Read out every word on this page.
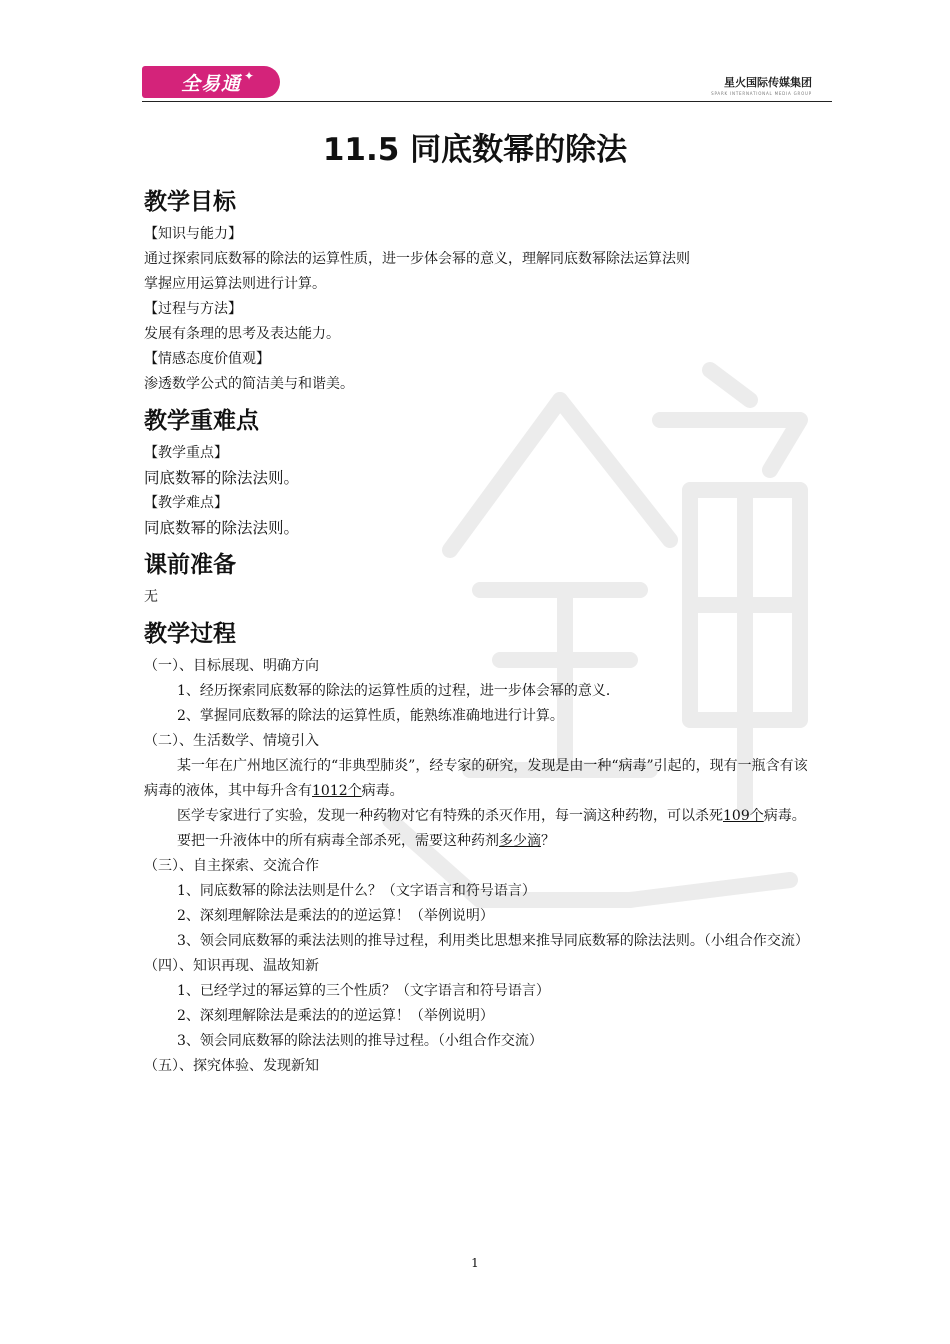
全易通 ✦	星火国际传媒集团
SPARK INTERNATIONAL MEDIA GROUP
11.5 同底数幂的除法
教学目标

【知识与能力】

通过探索同底数幂的除法的运算性质，进一步体会幂的意义，理解同底数幂除法运算法则

掌握应用运算法则进行计算。

【过程与方法】

发展有条理的思考及表达能力。

【情感态度价值观】

渗透数学公式的简洁美与和谐美。

教学重难点

【教学重点】

同底数幂的除法法则。

【教学难点】

同底数幂的除法法则。

课前准备

无

教学过程

（一）、目标展现、明确方向

1、经历探索同底数幂的除法的运算性质的过程，进一步体会幂的意义．

2、掌握同底数幂的除法的运算性质，能熟练准确地进行计算。

（二）、生活数学、情境引入

某一年在广州地区流行的“非典型肺炎”，经专家的研究，发现是由一种“病毒”引起的，现有一瓶含有该病毒的液体，其中每升含有1012个病毒。

医学专家进行了实验，发现一种药物对它有特殊的杀灭作用，每一滴这种药物，可以杀死109个病毒。

要把一升液体中的所有病毒全部杀死，需要这种药剂多少滴？

（三）、自主探索、交流合作

1、同底数幂的除法法则是什么？（文字语言和符号语言）

2、深刻理解除法是乘法的的逆运算！（举例说明）

3、领会同底数幂的乘法法则的推导过程，利用类比思想来推导同底数幂的除法法则。（小组合作交流）

（四）、知识再现、温故知新

1、已经学过的幂运算的三个性质？（文字语言和符号语言）

2、深刻理解除法是乘法的的逆运算！（举例说明）

3、领会同底数幂的除法法则的推导过程。（小组合作交流）

（五）、探究体验、发现新知

1
